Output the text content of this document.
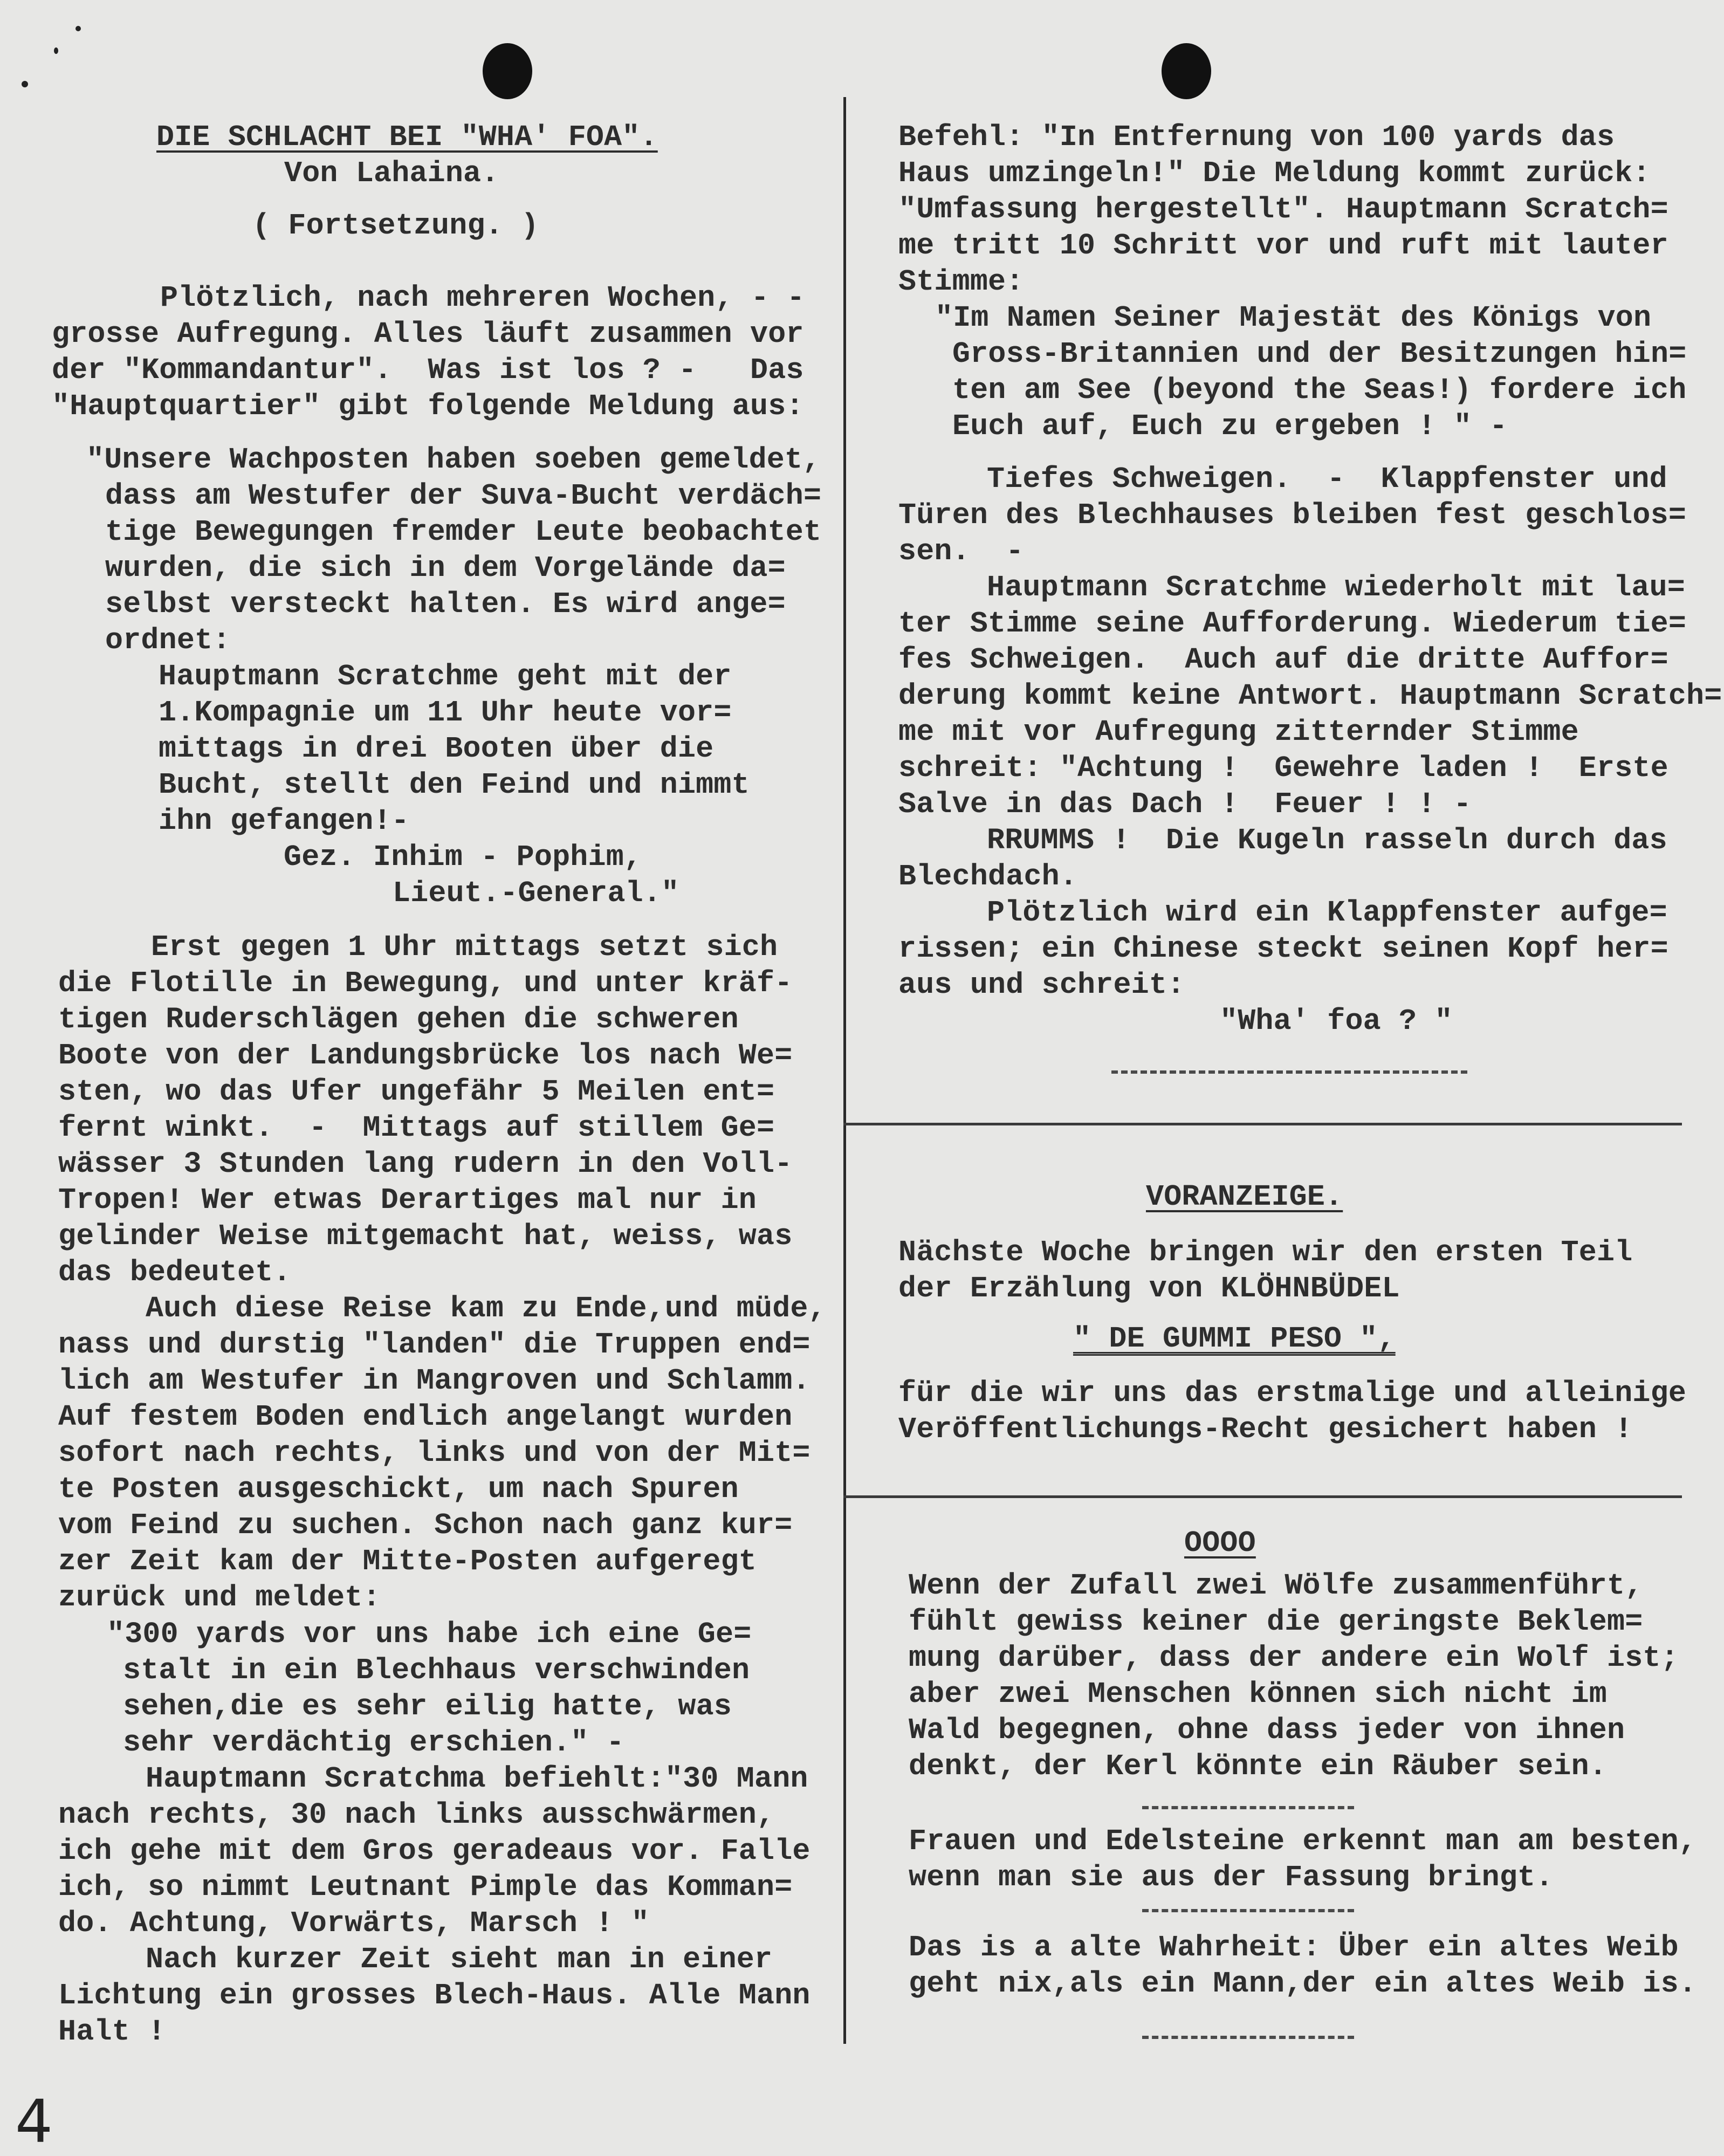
DIE SCHLACHT BEI "WHA' FOA".
Von Lahaina.
( Fortsetzung. )
Plötzlich, nach mehreren Wochen, - -
grosse Aufregung. Alles läuft zusammen vor
der "Kommandantur".  Was ist los ? -   Das
"Hauptquartier" gibt folgende Meldung aus:
"Unsere Wachposten haben soeben gemeldet,
dass am Westufer der Suva-Bucht verdäch=
tige Bewegungen fremder Leute beobachtet
wurden, die sich in dem Vorgelände da=
selbst versteckt halten. Es wird ange=
ordnet:
Hauptmann Scratchme geht mit der
1.Kompagnie um 11 Uhr heute vor=
mittags in drei Booten über die
Bucht, stellt den Feind und nimmt
ihn gefangen!-
Gez. Inhim - Pophim,
Lieut.-General."
Erst gegen 1 Uhr mittags setzt sich
die Flotille in Bewegung, und unter kräf-
tigen Ruderschlägen gehen die schweren
Boote von der Landungsbrücke los nach We=
sten, wo das Ufer ungefähr 5 Meilen ent=
fernt winkt.  -  Mittags auf stillem Ge=
wässer 3 Stunden lang rudern in den Voll-
Tropen! Wer etwas Derartiges mal nur in
gelinder Weise mitgemacht hat, weiss, was
das bedeutet.
Auch diese Reise kam zu Ende,und müde,
nass und durstig "landen" die Truppen end=
lich am Westufer in Mangroven und Schlamm.
Auf festem Boden endlich angelangt wurden
sofort nach rechts, links und von der Mit=
te Posten ausgeschickt, um nach Spuren
vom Feind zu suchen. Schon nach ganz kur=
zer Zeit kam der Mitte-Posten aufgeregt
zurück und meldet:
"300 yards vor uns habe ich eine Ge=
stalt in ein Blechhaus verschwinden
sehen,die es sehr eilig hatte, was
sehr verdächtig erschien." -
Hauptmann Scratchma befiehlt:"30 Mann
nach rechts, 30 nach links ausschwärmen,
ich gehe mit dem Gros geradeaus vor. Falle
ich, so nimmt Leutnant Pimple das Komman=
do. Achtung, Vorwärts, Marsch ! "
Nach kurzer Zeit sieht man in einer
Lichtung ein grosses Blech-Haus. Alle Mann
Halt !
Befehl: "In Entfernung von 100 yards das
Haus umzingeln!" Die Meldung kommt zurück:
"Umfassung hergestellt". Hauptmann Scratch=
me tritt 10 Schritt vor und ruft mit lauter
Stimme:
"Im Namen Seiner Majestät des Königs von
Gross-Britannien und der Besitzungen hin=
ten am See (beyond the Seas!) fordere ich
Euch auf, Euch zu ergeben ! " -
Tiefes Schweigen.  -  Klappfenster und
Türen des Blechhauses bleiben fest geschlos=
sen.  -
Hauptmann Scratchme wiederholt mit lau=
ter Stimme seine Aufforderung. Wiederum tie=
fes Schweigen.  Auch auf die dritte Auffor=
derung kommt keine Antwort. Hauptmann Scratch=
me mit vor Aufregung zitternder Stimme
schreit: "Achtung !  Gewehre laden !  Erste
Salve in das Dach !  Feuer ! ! -
RRUMMS !  Die Kugeln rasseln durch das
Blechdach.
Plötzlich wird ein Klappfenster aufge=
rissen; ein Chinese steckt seinen Kopf her=
aus und schreit:
"Wha' foa ? "
VORANZEIGE.
Nächste Woche bringen wir den ersten Teil
der Erzählung von KLÖHNBÜDEL
" DE GUMMI PESO ",
für die wir uns das erstmalige und alleinige
Veröffentlichungs-Recht gesichert haben !
OOOO
Wenn der Zufall zwei Wölfe zusammenführt,
fühlt gewiss keiner die geringste Beklem=
mung darüber, dass der andere ein Wolf ist;
aber zwei Menschen können sich nicht im
Wald begegnen, ohne dass jeder von ihnen
denkt, der Kerl könnte ein Räuber sein.
Frauen und Edelsteine erkennt man am besten,
wenn man sie aus der Fassung bringt.
Das is a alte Wahrheit: Über ein altes Weib
geht nix,als ein Mann,der ein altes Weib is.
4
